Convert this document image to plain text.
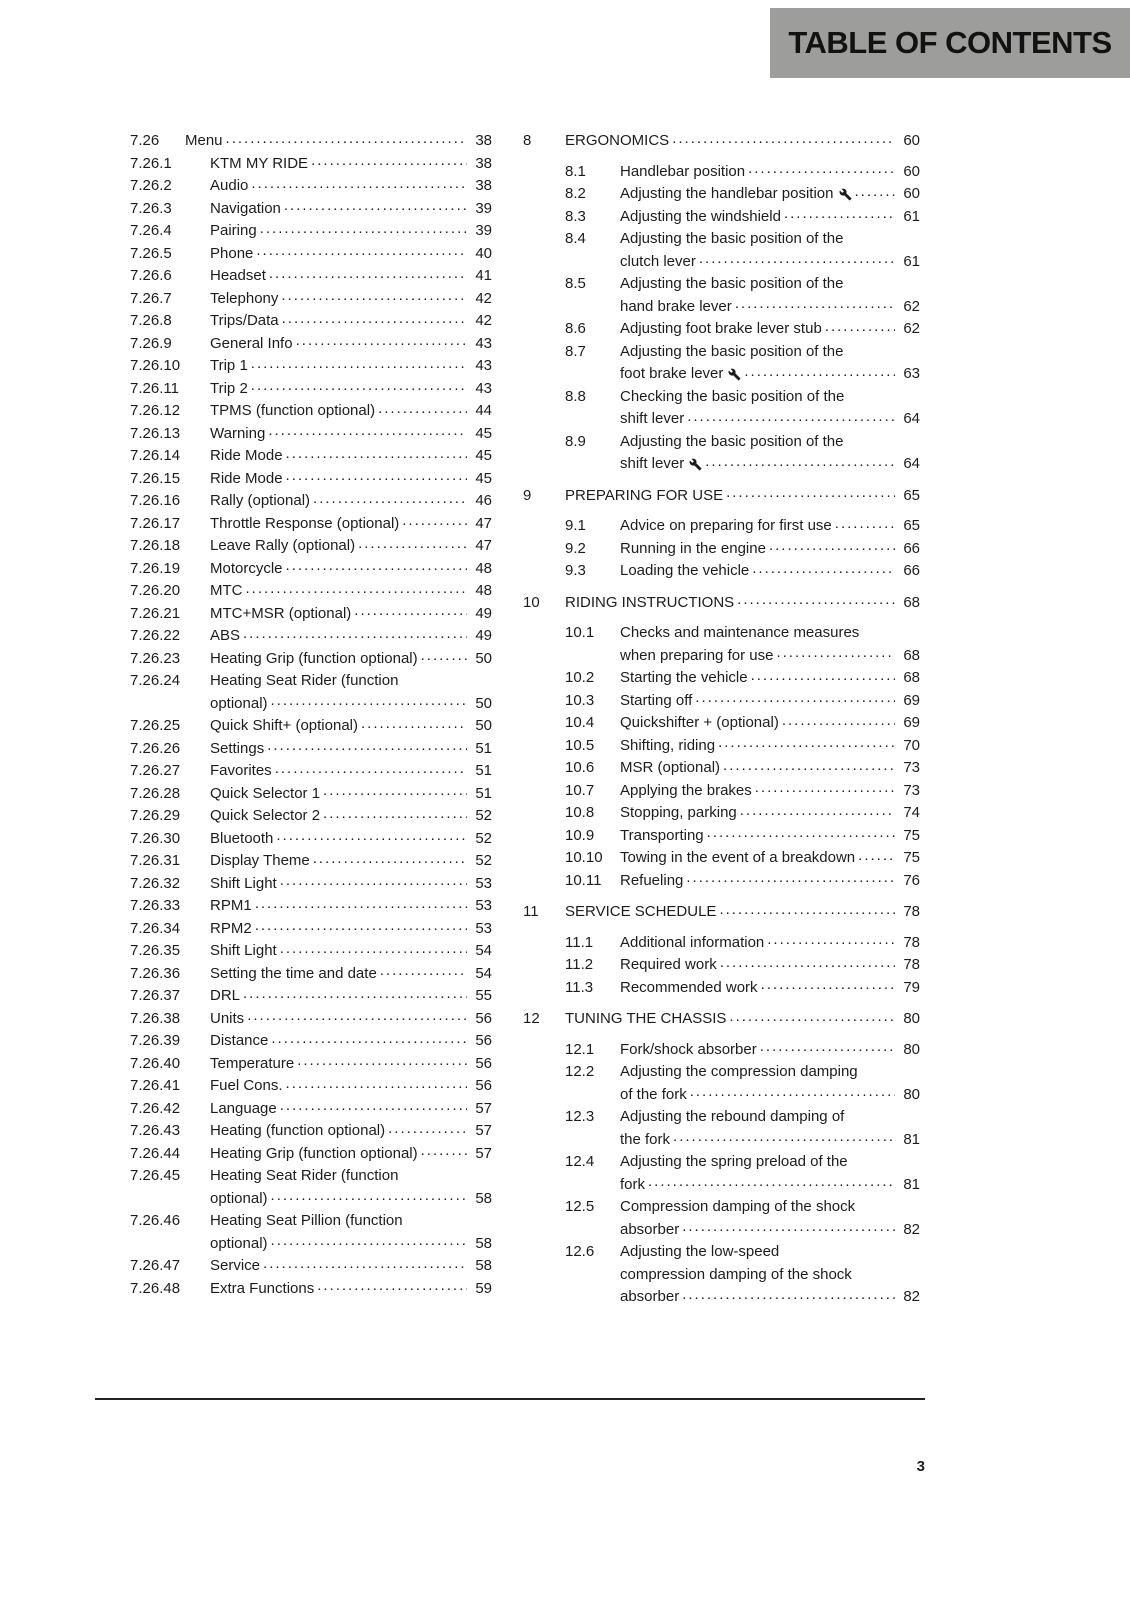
TABLE OF CONTENTS
7.26	Menu .....	38
7.26.1	KTM MY RIDE .....	38
7.26.2	Audio .....	38
7.26.3	Navigation .....	39
7.26.4	Pairing .....	39
7.26.5	Phone .....	40
7.26.6	Headset .....	41
7.26.7	Telephony .....	42
7.26.8	Trips/Data .....	42
7.26.9	General Info .....	43
7.26.10	Trip 1 .....	43
7.26.11	Trip 2 .....	43
7.26.12	TPMS (function optional) .....	44
7.26.13	Warning .....	45
7.26.14	Ride Mode .....	45
7.26.15	Ride Mode .....	45
7.26.16	Rally (optional) .....	46
7.26.17	Throttle Response (optional) .....	47
7.26.18	Leave Rally (optional) .....	47
7.26.19	Motorcycle .....	48
7.26.20	MTC .....	48
7.26.21	MTC+MSR (optional) .....	49
7.26.22	ABS .....	49
7.26.23	Heating Grip (function optional) .....	50
7.26.24	Heating Seat Rider (function
optional) .....	50
7.26.25	Quick Shift+ (optional) .....	50
7.26.26	Settings .....	51
7.26.27	Favorites .....	51
7.26.28	Quick Selector 1 .....	51
7.26.29	Quick Selector 2 .....	52
7.26.30	Bluetooth .....	52
7.26.31	Display Theme .....	52
7.26.32	Shift Light .....	53
7.26.33	RPM1 .....	53
7.26.34	RPM2 .....	53
7.26.35	Shift Light .....	54
7.26.36	Setting the time and date .....	54
7.26.37	DRL .....	55
7.26.38	Units .....	56
7.26.39	Distance .....	56
7.26.40	Temperature .....	56
7.26.41	Fuel Cons. .....	56
7.26.42	Language .....	57
7.26.43	Heating (function optional) .....	57
7.26.44	Heating Grip (function optional) .....	57
7.26.45	Heating Seat Rider (function
optional) .....	58
7.26.46	Heating Seat Pillion (function
optional) .....	58
7.26.47	Service .....	58
7.26.48	Extra Functions .....	59
8	ERGONOMICS .....	60
8.1	Handlebar position .....	60
8.2	Adjusting the handlebar position .....	60
8.3	Adjusting the windshield .....	61
8.4	Adjusting the basic position of the
clutch lever .....	61
8.5	Adjusting the basic position of the
hand brake lever .....	62
8.6	Adjusting foot brake lever stub .....	62
8.7	Adjusting the basic position of the
foot brake lever .....	63
8.8	Checking the basic position of the
shift lever .....	64
8.9	Adjusting the basic position of the
shift lever .....	64
9	PREPARING FOR USE .....	65
9.1	Advice on preparing for first use .....	65
9.2	Running in the engine .....	66
9.3	Loading the vehicle .....	66
10	RIDING INSTRUCTIONS .....	68
10.1	Checks and maintenance measures
when preparing for use .....	68
10.2	Starting the vehicle .....	68
10.3	Starting off .....	69
10.4	Quickshifter + (optional) .....	69
10.5	Shifting, riding .....	70
10.6	MSR (optional) .....	73
10.7	Applying the brakes .....	73
10.8	Stopping, parking .....	74
10.9	Transporting .....	75
10.10	Towing in the event of a breakdown .....	75
10.11	Refueling .....	76
11	SERVICE SCHEDULE .....	78
11.1	Additional information .....	78
11.2	Required work .....	78
11.3	Recommended work .....	79
12	TUNING THE CHASSIS .....	80
12.1	Fork/shock absorber .....	80
12.2	Adjusting the compression damping
of the fork .....	80
12.3	Adjusting the rebound damping of
the fork .....	81
12.4	Adjusting the spring preload of the
fork .....	81
12.5	Compression damping of the shock
absorber .....	82
12.6	Adjusting the low-speed
compression damping of the shock
absorber .....	82
3
